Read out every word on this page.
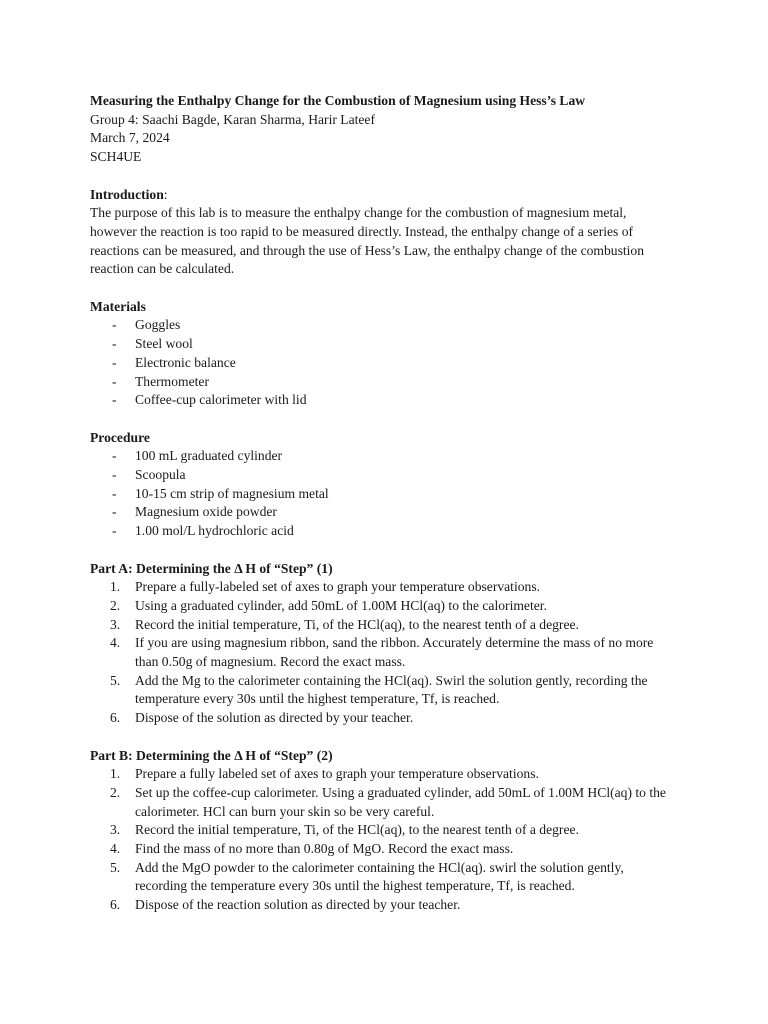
Measuring the Enthalpy Change for the Combustion of Magnesium using Hess’s Law
Group 4: Saachi Bagde, Karan Sharma, Harir Lateef
March 7, 2024
SCH4UE
Introduction:
The purpose of this lab is to measure the enthalpy change for the combustion of magnesium metal,
however the reaction is too rapid to be measured directly. Instead, the enthalpy change of a series of
reactions can be measured, and through the use of Hess’s Law, the enthalpy change of the combustion
reaction can be calculated.
Materials
- Goggles
- Steel wool
- Electronic balance
- Thermometer
- Coffee-cup calorimeter with lid
Procedure
- 100 mL graduated cylinder
- Scoopula
- 10-15 cm strip of magnesium metal
- Magnesium oxide powder
- 1.00 mol/L hydrochloric acid
Part A: Determining the Δ H of “Step” (1)
1. Prepare a fully-labeled set of axes to graph your temperature observations.
2. Using a graduated cylinder, add 50mL of 1.00M HCl(aq) to the calorimeter.
3. Record the initial temperature, Ti, of the HCl(aq), to the nearest tenth of a degree.
4. If you are using magnesium ribbon, sand the ribbon. Accurately determine the mass of no more
than 0.50g of magnesium. Record the exact mass.
5. Add the Mg to the calorimeter containing the HCl(aq). Swirl the solution gently, recording the
temperature every 30s until the highest temperature, Tf, is reached.
6. Dispose of the solution as directed by your teacher.
Part B: Determining the Δ H of “Step” (2)
1. Prepare a fully labeled set of axes to graph your temperature observations.
2. Set up the coffee-cup calorimeter. Using a graduated cylinder, add 50mL of 1.00M HCl(aq) to the
calorimeter. HCl can burn your skin so be very careful.
3. Record the initial temperature, Ti, of the HCl(aq), to the nearest tenth of a degree.
4. Find the mass of no more than 0.80g of MgO. Record the exact mass.
5. Add the MgO powder to the calorimeter containing the HCl(aq). swirl the solution gently,
recording the temperature every 30s until the highest temperature, Tf, is reached.
6. Dispose of the reaction solution as directed by your teacher.
